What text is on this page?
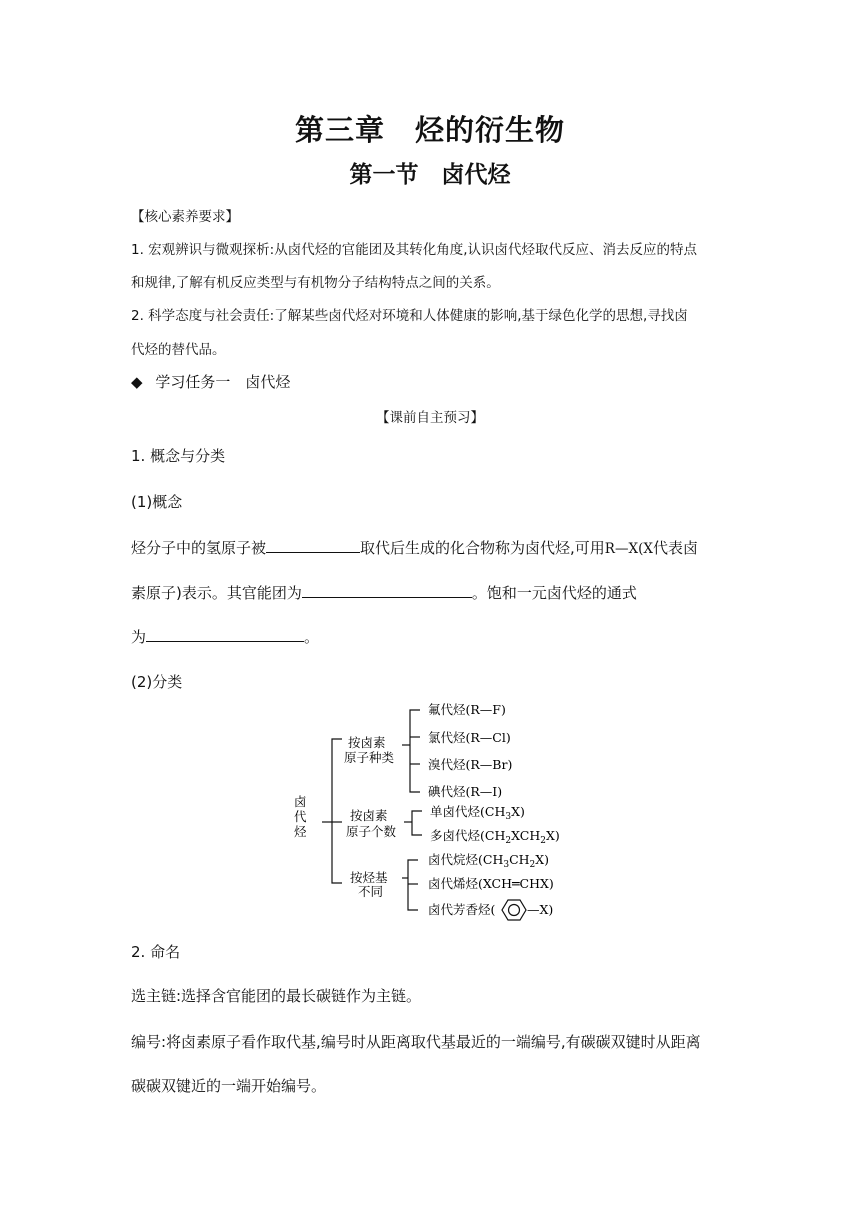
第三章　烃的衍生物
第一节　卤代烃
【核心素养要求】
1. 宏观辨识与微观探析:从卤代烃的官能团及其转化角度,认识卤代烃取代反应、消去反应的特点
和规律,了解有机反应类型与有机物分子结构特点之间的关系。
2. 科学态度与社会责任:了解某些卤代烃对环境和人体健康的影响,基于绿色化学的思想,寻找卤
代烃的替代品。
◆ 学习任务一　卤代烃
【课前自主预习】
1. 概念与分类
(1)概念
烃分子中的氢原子被	取代后生成的化合物称为卤代烃,可用R—X(X代表卤
素原子)表示。其官能团为	。饱和一元卤代烃的通式
为	。
(2)分类
卤
代
烃
按卤素
原子种类
按卤素
原子个数
按烃基
不同
氟代烃(R—F)
氯代烃(R—Cl)
溴代烃(R—Br)
碘代烃(R—I)
单卤代烃$(CH_3X)$
多卤代烃$(CH_2XCH_2X)$
卤代烷烃$(CH_3CH_2X)$
卤代烯烃(XCH═CHX)
卤代芳香烃(	—X)
2. 命名
选主链:选择含官能团的最长碳链作为主链。
编号:将卤素原子看作取代基,编号时从距离取代基最近的一端编号,有碳碳双键时从距离
碳碳双键近的一端开始编号。
